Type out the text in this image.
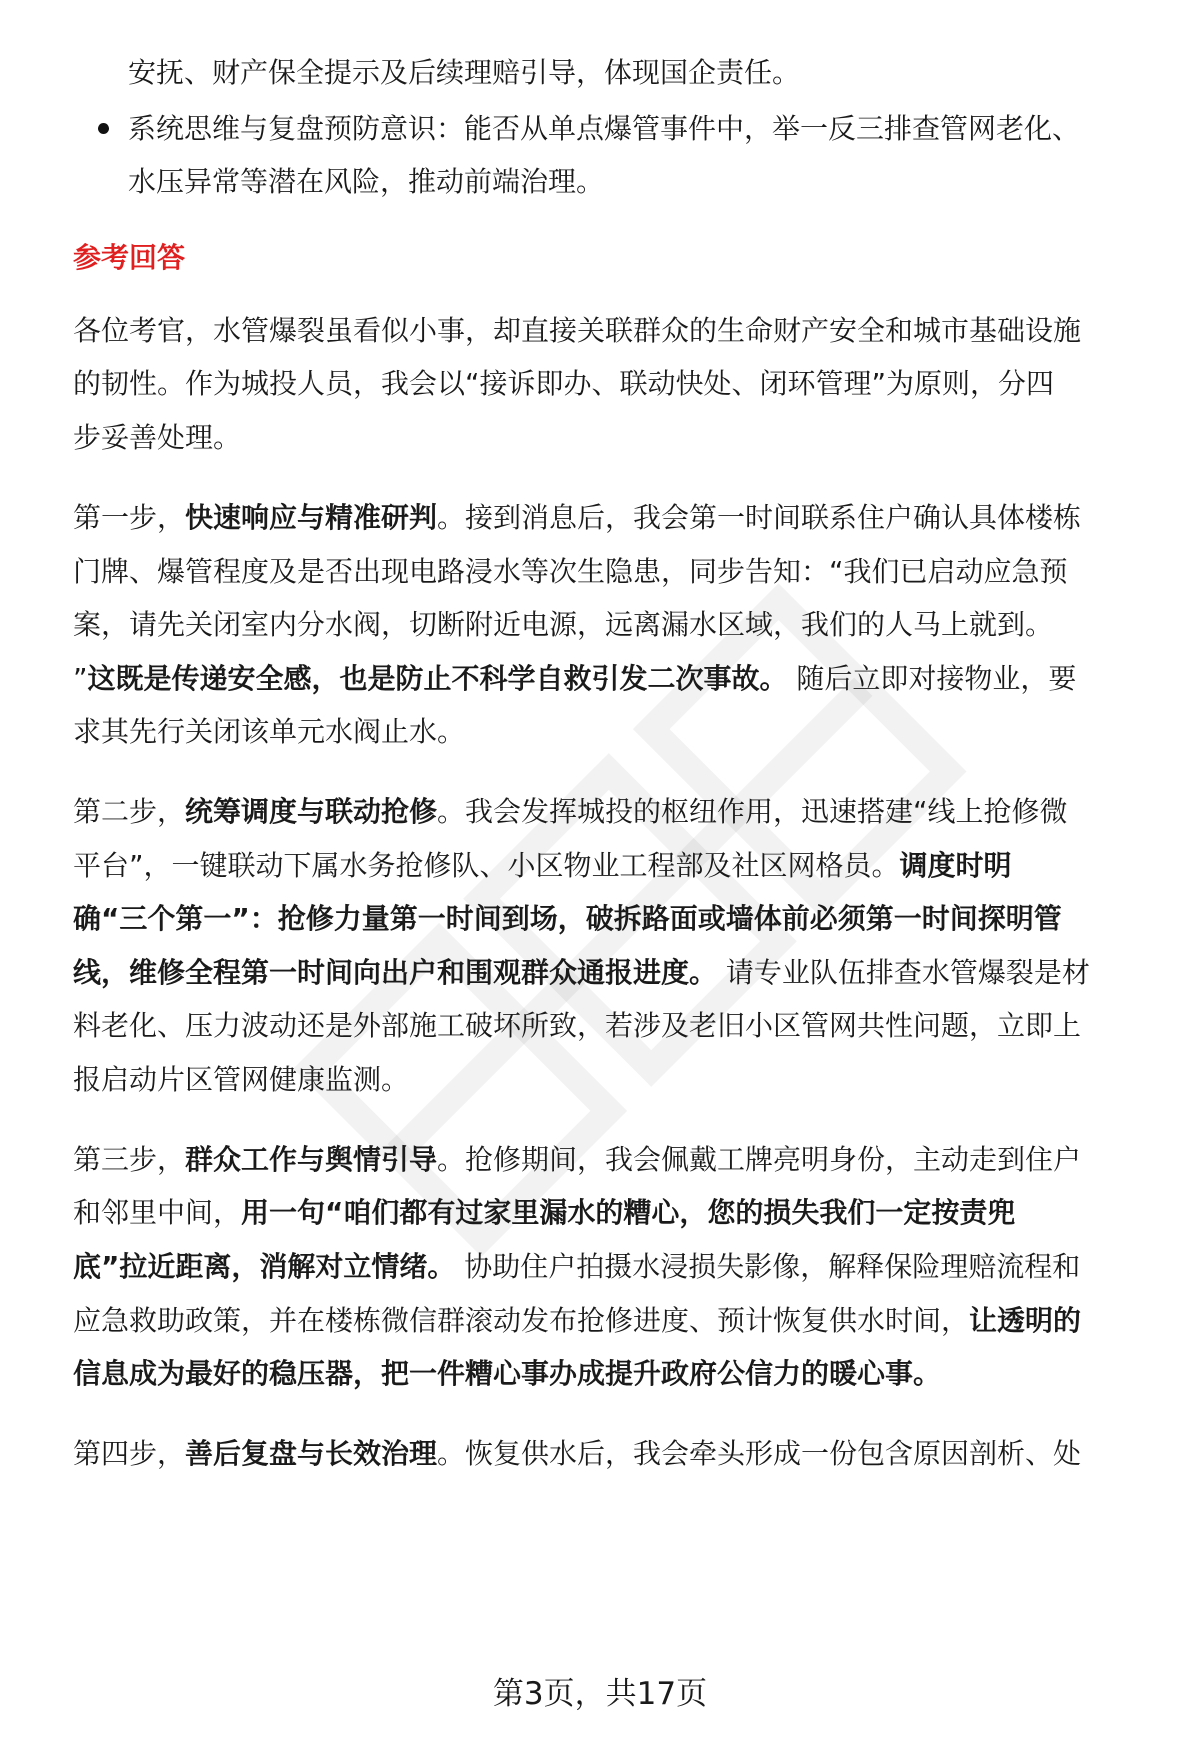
安抚、财产保全提示及后续理赔引导，体现国企责任。
系统思维与复盘预防意识：能否从单点爆管事件中，举一反三排查管网老化、
水压异常等潜在风险，推动前端治理。
参考回答
各位考官，水管爆裂虽看似小事，却直接关联群众的生命财产安全和城市基础设施
的韧性。作为城投人员，我会以“接诉即办、联动快处、闭环管理”为原则，分四
步妥善处理。
第一步，快速响应与精准研判。接到消息后，我会第一时间联系住户确认具体楼栋
门牌、爆管程度及是否出现电路浸水等次生隐患，同步告知：“我们已启动应急预
案，请先关闭室内分水阀，切断附近电源，远离漏水区域，我们的人马上就到。
”这既是传递安全感，也是防止不科学自救引发二次事故。 随后立即对接物业，要
求其先行关闭该单元水阀止水。
第二步，统筹调度与联动抢修。我会发挥城投的枢纽作用，迅速搭建“线上抢修微
平台”，一键联动下属水务抢修队、小区物业工程部及社区网格员。调度时明
确“三个第一”：抢修力量第一时间到场，破拆路面或墙体前必须第一时间探明管
线，维修全程第一时间向出户和围观群众通报进度。 请专业队伍排查水管爆裂是材
料老化、压力波动还是外部施工破坏所致，若涉及老旧小区管网共性问题，立即上
报启动片区管网健康监测。
第三步，群众工作与舆情引导。抢修期间，我会佩戴工牌亮明身份，主动走到住户
和邻里中间，用一句“咱们都有过家里漏水的糟心，您的损失我们一定按责兜
底”拉近距离，消解对立情绪。 协助住户拍摄水浸损失影像，解释保险理赔流程和
应急救助政策，并在楼栋微信群滚动发布抢修进度、预计恢复供水时间，让透明的
信息成为最好的稳压器，把一件糟心事办成提升政府公信力的暖心事。
第四步，善后复盘与长效治理。恢复供水后，我会牵头形成一份包含原因剖析、处
第3页，共17页
